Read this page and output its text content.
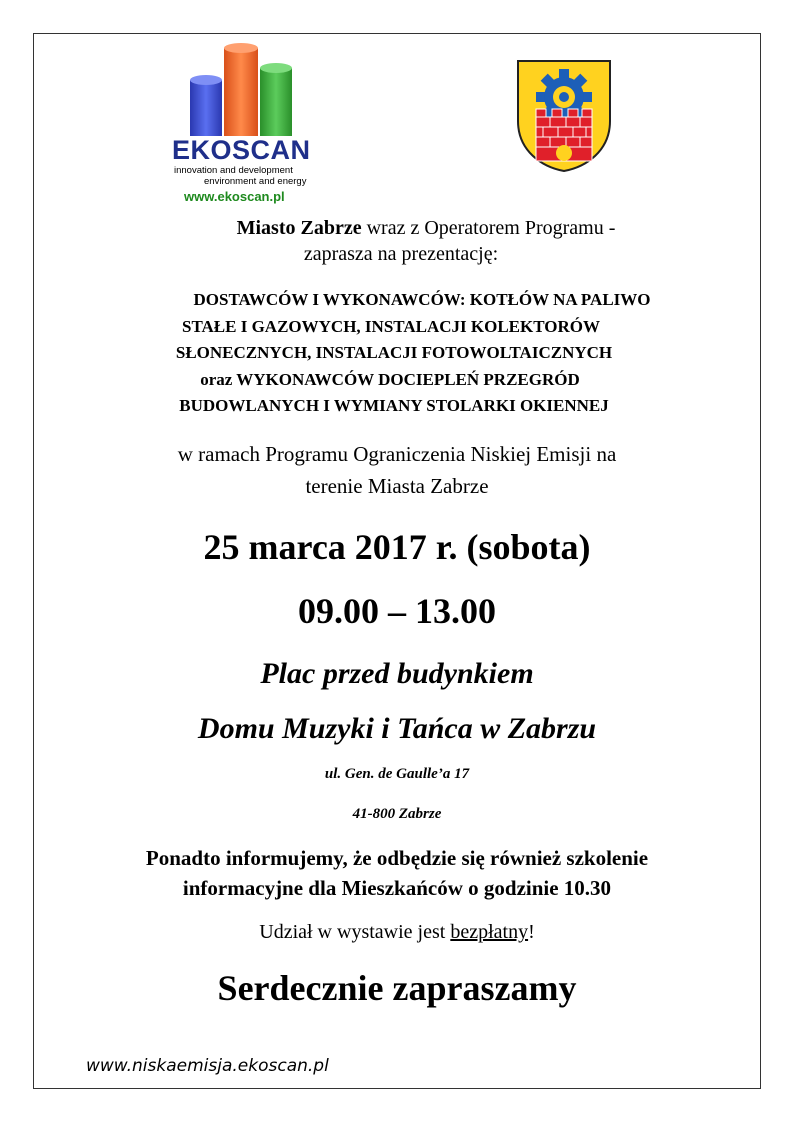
EKOSCAN
innovation and development
environment and energy
www.ekoscan.pl
Miasto Zabrze wraz z Operatorem Programu -
zaprasza na prezentację:
DOSTAWCÓW I WYKONAWCÓW: KOTŁÓW NA PALIWO
STAŁE I GAZOWYCH, INSTALACJI KOLEKTORÓW
SŁONECZNYCH, INSTALACJI FOTOWOLTAICZNYCH
oraz WYKONAWCÓW DOCIEPLEŃ PRZEGRÓD
BUDOWLANYCH I WYMIANY STOLARKI OKIENNEJ
w ramach Programu Ograniczenia Niskiej Emisji na
terenie Miasta Zabrze
25 marca 2017 r. (sobota)
09.00 – 13.00
Plac przed budynkiem
Domu Muzyki i Tańca w Zabrzu
ul. Gen. de Gaulle’a 17
41-800 Zabrze
Ponadto informujemy, że odbędzie się również szkolenie
informacyjne dla Mieszkańców o godzinie 10.30
Udział w wystawie jest bezpłatny!
Serdecznie zapraszamy
www.niskaemisja.ekoscan.pl
